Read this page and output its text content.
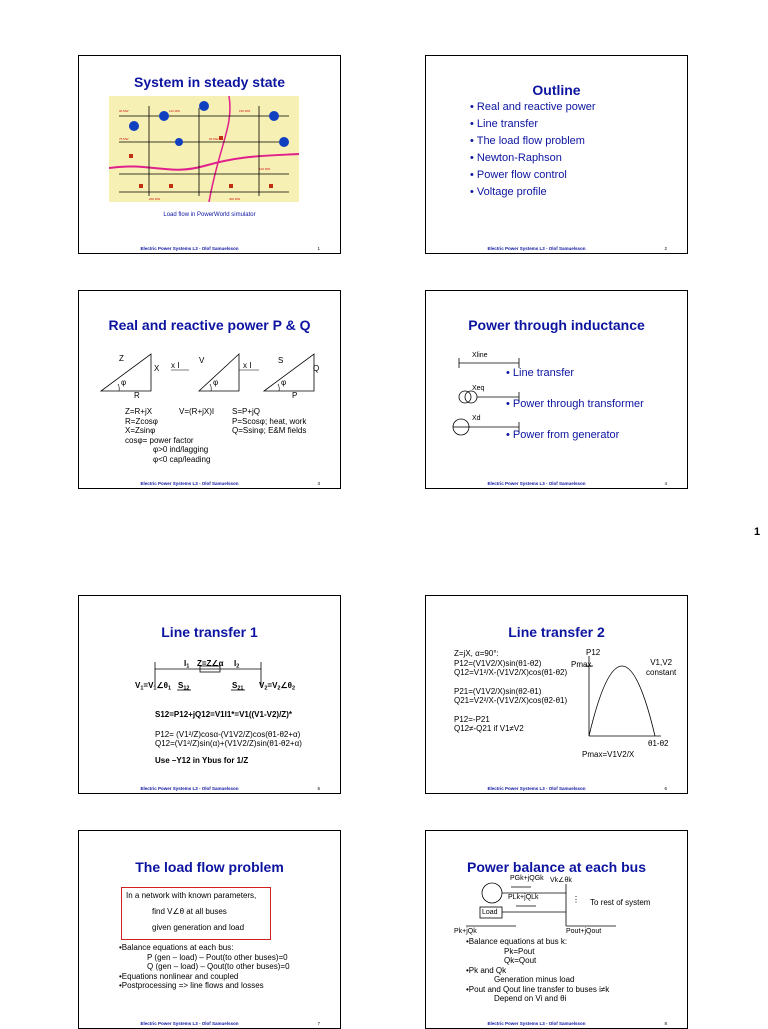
System in steady state
90 MW	112 MW	150 MW
75 MW	93 MW
100 MW
200 MW	400 MW
Load flow in PowerWorld simulator
Electric Power Systems L3 - Olof Samuelsson	1
Outline
• Real and reactive power
• Line transfer
• The load flow problem
• Newton-Raphson
• Power flow control
• Voltage profile
Electric Power Systems L3 - Olof Samuelsson	2
Real and reactive power P & Q
Z
X
R
φ
x I
V
φ
x I
S
Q
P
φ
Z=R+jX
R=Zcosφ
X=Zsinφ
cosφ= power factor
φ>0 ind/lagging
φ<0 cap/leading
V=(R+jX)I S=P+jQ
P=Scosφ; heat, work
Q=Ssinφ; E&M fields
Electric Power Systems L3 - Olof Samuelsson	3
Power through inductance
Xline
Xeq
Xd
• Line transfer
• Power through transformer
• Power from generator
Electric Power Systems L3 - Olof Samuelsson	4
1
Line transfer 1
I1 Z=Z∠α I2
V1=V1∠θ1 S12	S21 V2=V2∠θ2
S12=P12+jQ12=V1I1*=V1((V1-V2)/Z)*
P12= (V1²/Z)cosα-(V1V2/Z)cos(θ1-θ2+α)
Q12=(V1²/Z)sin(α)+(V1V2/Z)sin(θ1-θ2+α)
Use –Y12 in Ybus for 1/Z
Electric Power Systems L3 - Olof Samuelsson	5
Line transfer 2
Z=jX, α=90°:
P12=(V1V2/X)sin(θ1-θ2)
Q12=V1²/X-(V1V2/X)cos(θ1-θ2)
P21=(V1V2/X)sin(θ2-θ1)
Q21=V2²/X-(V1V2/X)cos(θ2-θ1)
P12=-P21
Q12≠-Q21 if V1≠V2
P12
Pmax	V1,V2
constant
θ1-θ2
Pmax=V1V2/X
Electric Power Systems L3 - Olof Samuelsson	6
The load flow problem
In a network with known parameters,
find V∠θ at all buses
given generation and load
•Balance equations at each bus:
P (gen – load) – Pout(to other buses)=0
Q (gen – load) – Qout(to other buses)=0
•Equations nonlinear and coupled
•Postprocessing => line flows and losses
Electric Power Systems L3 - Olof Samuelsson	7
Power balance at each bus
PGk+jQGk Vk∠θk
PLk+jQLk
Load
⋮ To rest of system
Pk+jQk	Pout+jQout
•Balance equations at bus k:
Pk=Pout
Qk=Qout
•Pk and Qk
Generation minus load
•Pout and Qout line transfer to buses i≠k
Depend on Vi and θi
Electric Power Systems L3 - Olof Samuelsson	8
